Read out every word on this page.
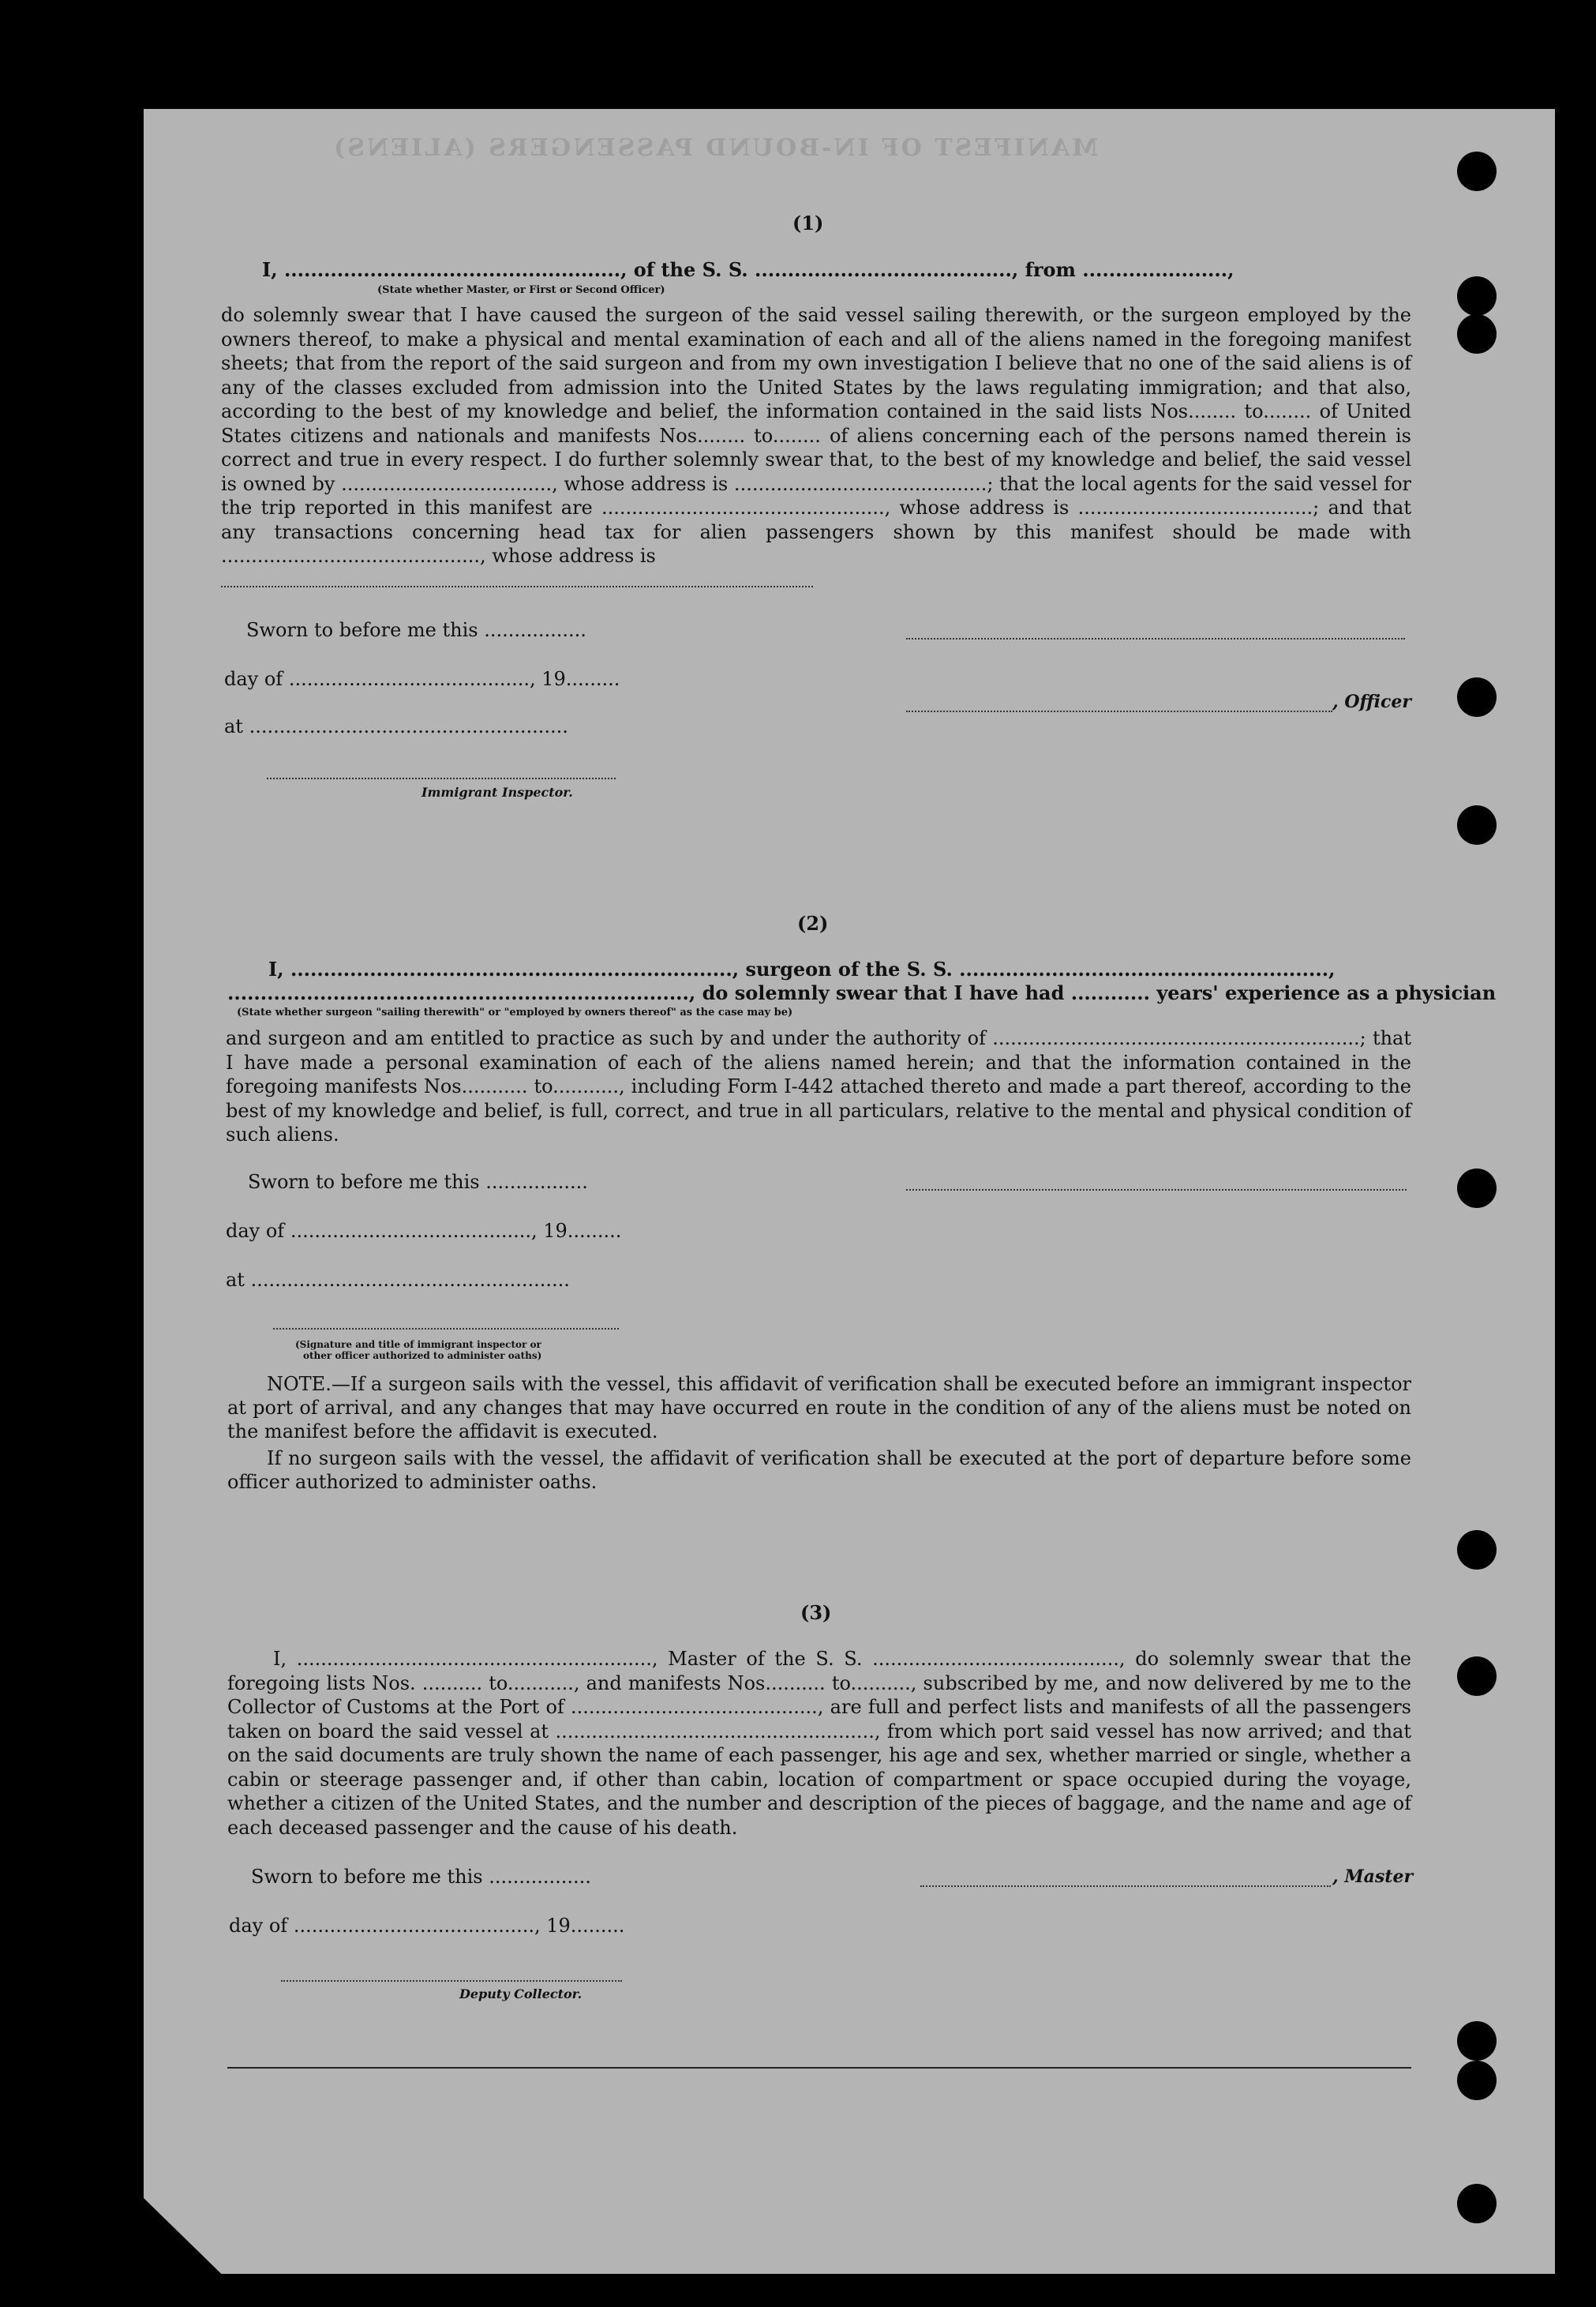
MANIFEST OF IN-BOUND PASSENGERS (ALIENS)
(1)
I, ..................................................., of the S. S. ......................................., from ......................,
(State whether Master, or First or Second Officer)
do solemnly swear that I have caused the surgeon of the said vessel sailing therewith, or the surgeon employed by the owners thereof, to make a physical and mental examination of each and all of the aliens named in the foregoing manifest sheets; that from the report of the said surgeon and from my own investigation I believe that no one of the said aliens is of any of the classes excluded from admission into the United States by the laws regulating immigration; and that also, according to the best of my knowledge and belief, the information contained in the said lists Nos........ to........ of United States citizens and nationals and manifests Nos........ to........ of aliens concerning each of the persons named therein is correct and true in every respect. I do further solemnly swear that, to the best of my knowledge and belief, the said vessel is owned by ..................................., whose address is ..........................................; that the local agents for the said vessel for the trip reported in this manifest are ..............................................., whose address is .......................................; and that any transactions concerning head tax for alien passengers shown by this manifest should be made with ..........................................., whose address is
Sworn to before me this .................
day of ........................................, 19.........
at .....................................................
Immigrant Inspector.
, Officer
(2)
I, ..................................................................., surgeon of the S. S. ........................................................,
......................................................................, do solemnly swear that I have had ............ years' experience as a physician
(State whether surgeon "sailing therewith" or "employed by owners thereof" as the case may be)
and surgeon and am entitled to practice as such by and under the authority of .............................................................; that I have made a personal examination of each of the aliens named herein; and that the information contained in the foregoing manifests Nos........... to..........., including Form I-442 attached thereto and made a part thereof, according to the best of my knowledge and belief, is full, correct, and true in all particulars, relative to the mental and physical condition of such aliens.
Sworn to before me this .................
day of ........................................, 19.........
at .....................................................
(Signature and title of immigrant inspector or
other officer authorized to administer oaths)
NOTE.—If a surgeon sails with the vessel, this affidavit of verification shall be executed before an immigrant inspector at port of arrival, and any changes that may have occurred en route in the condition of any of the aliens must be noted on the manifest before the affidavit is executed.
If no surgeon sails with the vessel, the affidavit of verification shall be executed at the port of departure before some officer authorized to administer oaths.
(3)
I, ..........................................................., Master of the S. S. ........................................., do solemnly swear that the foregoing lists Nos. .......... to..........., and manifests Nos.......... to.........., subscribed by me, and now delivered by me to the Collector of Customs at the Port of ........................................., are full and perfect lists and manifests of all the passengers taken on board the said vessel at ....................................................., from which port said vessel has now arrived; and that on the said documents are truly shown the name of each passenger, his age and sex, whether married or single, whether a cabin or steerage passenger and, if other than cabin, location of compartment or space occupied during the voyage, whether a citizen of the United States, and the number and description of the pieces of baggage, and the name and age of each deceased passenger and the cause of his death.
Sworn to before me this .................
day of ........................................, 19.........
Deputy Collector.
, Master
